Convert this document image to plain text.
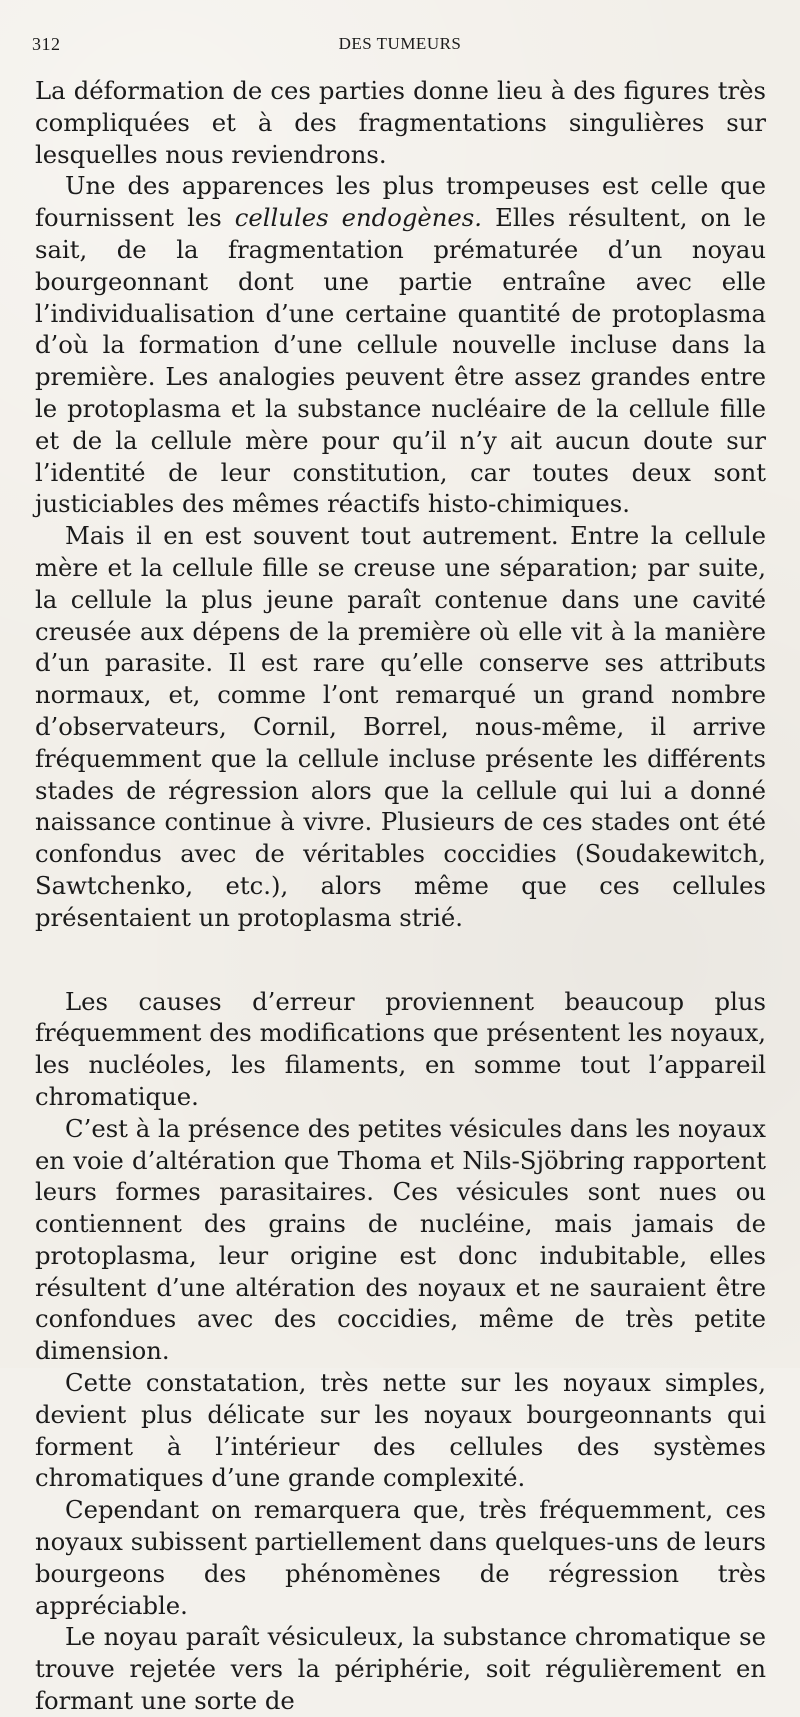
312	DES TUMEURS

La déformation de ces parties donne lieu à des figures très compliquées et à des fragmentations singulières sur lesquelles nous reviendrons.

Une des apparences les plus trompeuses est celle que fournissent les cellules endogènes. Elles résultent, on le sait, de la fragmentation prématurée d’un noyau bourgeonnant dont une partie entraîne avec elle l’individualisation d’une certaine quantité de protoplasma d’où la formation d’une cellule nouvelle incluse dans la première. Les analogies peuvent être assez grandes entre le protoplasma et la substance nucléaire de la cellule fille et de la cellule mère pour qu’il n’y ait aucun doute sur l’identité de leur constitution, car toutes deux sont justiciables des mêmes réactifs histo-chimiques.

Mais il en est souvent tout autrement. Entre la cellule mère et la cellule fille se creuse une séparation; par suite, la cellule la plus jeune paraît contenue dans une cavité creusée aux dépens de la première où elle vit à la manière d’un parasite. Il est rare qu’elle conserve ses attributs normaux, et, comme l’ont remarqué un grand nombre d’observateurs, Cornil, Borrel, nous-même, il arrive fréquemment que la cellule incluse présente les différents stades de régression alors que la cellule qui lui a donné naissance continue à vivre. Plusieurs de ces stades ont été confondus avec de véritables coccidies (Soudakewitch, Sawtchenko, etc.), alors même que ces cellules présentaient un protoplasma strié.

Les causes d’erreur proviennent beaucoup plus fréquemment des modifications que présentent les noyaux, les nucléoles, les filaments, en somme tout l’appareil chromatique.

C’est à la présence des petites vésicules dans les noyaux en voie d’altération que Thoma et Nils-Sjöbring rapportent leurs formes parasitaires. Ces vésicules sont nues ou contiennent des grains de nucléine, mais jamais de protoplasma, leur origine est donc indubitable, elles résultent d’une altération des noyaux et ne sauraient être confondues avec des coccidies, même de très petite dimension.

Cette constatation, très nette sur les noyaux simples, devient plus délicate sur les noyaux bourgeonnants qui forment à l’intérieur des cellules des systèmes chromatiques d’une grande complexité.

Cependant on remarquera que, très fréquemment, ces noyaux subissent partiellement dans quelques-uns de leurs bourgeons des phénomènes de régression très appréciable.

Le noyau paraît vésiculeux, la substance chromatique se trouve rejetée vers la périphérie, soit régulièrement en formant une sorte de
